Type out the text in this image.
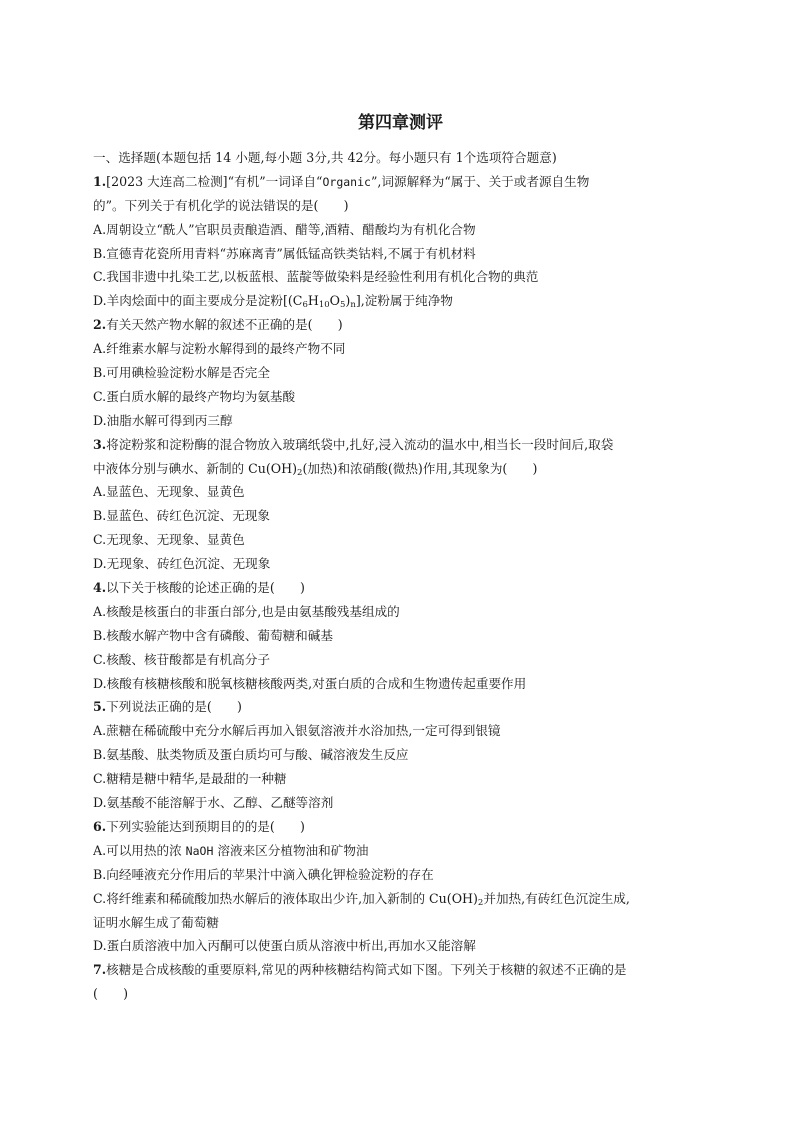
第四章测评
一、选择题(本题包括 14 小题,每小题 3分,共 42分。每小题只有 1个选项符合题意)
1.[2023 大连高二检测]“有机”一词译自“Organic”,词源解释为“属于、关于或者源自生物
的”。下列关于有机化学的说法错误的是(　　)
A.周朝设立“酰人”官职员责酿造酒、醋等,酒精、醋酸均为有机化合物
B.宣德青花瓷所用青料“苏麻离青”属低锰高铁类钴料,不属于有机材料
C.我国非遗中扎染工艺,以板蓝根、蓝靛等做染料是经验性利用有机化合物的典范
D.羊肉烩面中的面主要成分是淀粉$[(C_6H_{10}O_5)_n]$,淀粉属于纯净物
2.有关天然产物水解的叙述不正确的是(　　)
A.纤维素水解与淀粉水解得到的最终产物不同
B.可用碘检验淀粉水解是否完全
C.蛋白质水解的最终产物均为氨基酸
D.油脂水解可得到丙三醇
3.将淀粉浆和淀粉酶的混合物放入玻璃纸袋中,扎好,浸入流动的温水中,相当长一段时间后,取袋
中液体分别与碘水、新制的 $Cu(OH)_2$(加热)和浓硝酸(微热)作用,其现象为(　　)
A.显蓝色、无现象、显黄色
B.显蓝色、砖红色沉淀、无现象
C.无现象、无现象、显黄色
D.无现象、砖红色沉淀、无现象
4.以下关于核酸的论述正确的是(　　)
A.核酸是核蛋白的非蛋白部分,也是由氨基酸残基组成的
B.核酸水解产物中含有磷酸、葡萄糖和碱基
C.核酸、核苷酸都是有机高分子
D.核酸有核糖核酸和脱氧核糖核酸两类,对蛋白质的合成和生物遗传起重要作用
5.下列说法正确的是(　　)
A.蔗糖在稀硫酸中充分水解后再加入银氨溶液并水浴加热,一定可得到银镜
B.氨基酸、肽类物质及蛋白质均可与酸、碱溶液发生反应
C.糖精是糖中精华,是最甜的一种糖
D.氨基酸不能溶解于水、乙醇、乙醚等溶剂
6.下列实验能达到预期目的的是(　　)
A.可以用热的浓 NaOH 溶液来区分植物油和矿物油
B.向经唾液充分作用后的苹果汁中滴入碘化钾检验淀粉的存在
C.将纤维素和稀硫酸加热水解后的液体取出少许,加入新制的 $Cu(OH)_2$并加热,有砖红色沉淀生成,
证明水解生成了葡萄糖
D.蛋白质溶液中加入丙酮可以使蛋白质从溶液中析出,再加水又能溶解
7.核糖是合成核酸的重要原料,常见的两种核糖结构简式如下图。下列关于核糖的叙述不正确的是
(　　)
